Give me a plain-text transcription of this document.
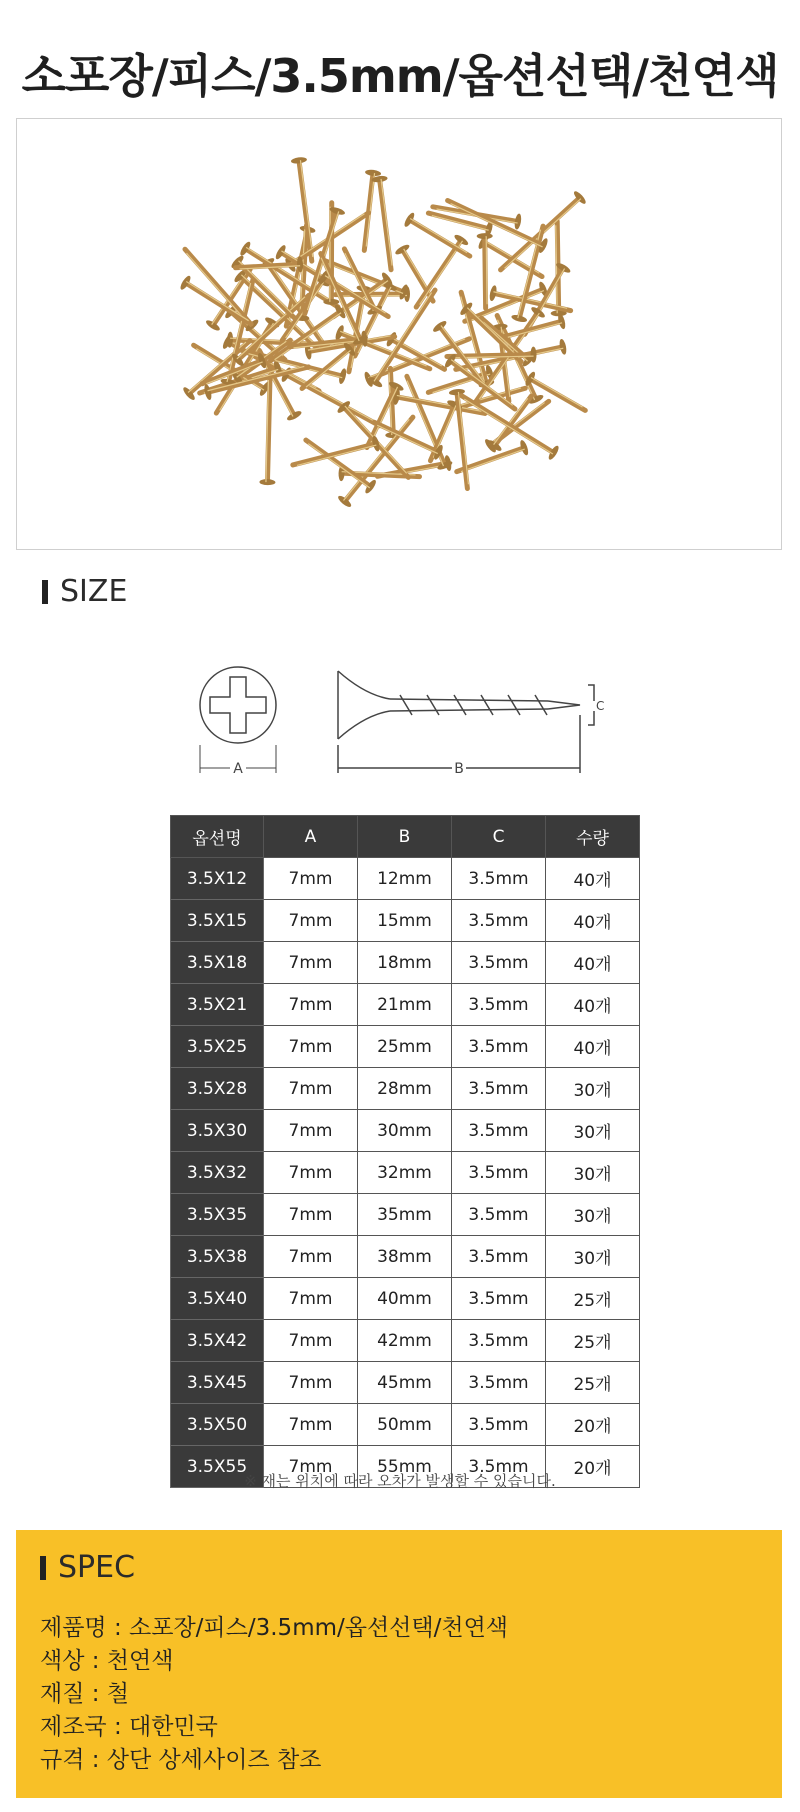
소포장/피스/3.5mm/옵션선택/천연색
SIZE
A	B
C
옵션명	A	B	C	수량
3.5X12	7mm	12mm	3.5mm	40개
3.5X15	7mm	15mm	3.5mm	40개
3.5X18	7mm	18mm	3.5mm	40개
3.5X21	7mm	21mm	3.5mm	40개
3.5X25	7mm	25mm	3.5mm	40개
3.5X28	7mm	28mm	3.5mm	30개
3.5X30	7mm	30mm	3.5mm	30개
3.5X32	7mm	32mm	3.5mm	30개
3.5X35	7mm	35mm	3.5mm	30개
3.5X38	7mm	38mm	3.5mm	30개
3.5X40	7mm	40mm	3.5mm	25개
3.5X42	7mm	42mm	3.5mm	25개
3.5X45	7mm	45mm	3.5mm	25개
3.5X50	7mm	50mm	3.5mm	20개
3.5X55	7mm	55mm	3.5mm	20개
※ 재는 위치에 따라 오차가 발생할 수 있습니다.
SPEC
제품명 : 소포장/피스/3.5mm/옵션선택/천연색
색상 : 천연색
재질 : 철
제조국 : 대한민국
규격 : 상단 상세사이즈 참조
